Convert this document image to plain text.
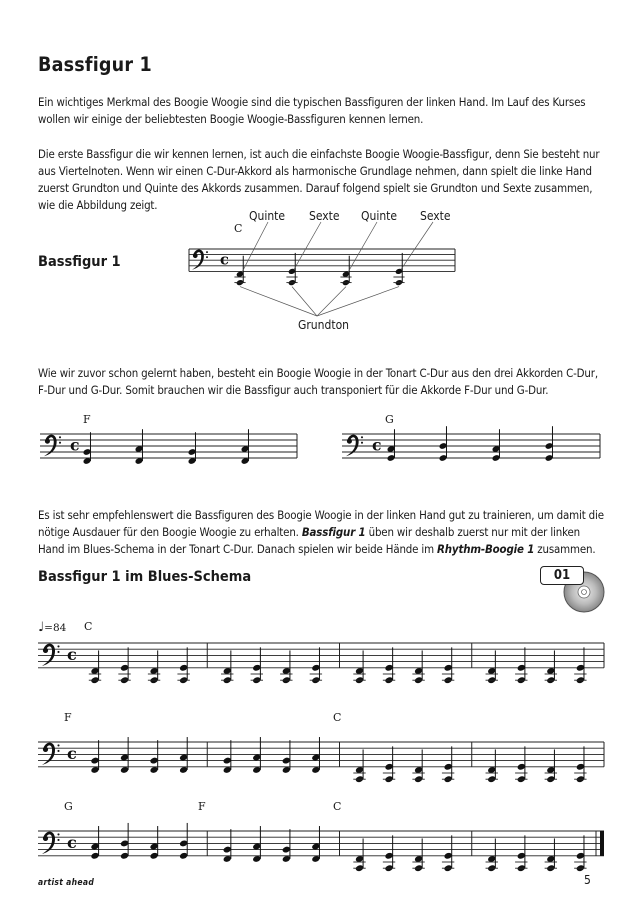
Bassfigur 1

Ein wichtiges Merkmal des Boogie Woogie sind die typischen Bassfiguren der linken Hand. Im Lauf des Kurses wollen wir einige der beliebtesten Boogie Woogie-Bassfiguren kennen lernen.

Die erste Bassfigur die wir kennen lernen, ist auch die einfachste Boogie Woogie-Bassfigur, denn Sie besteht nur aus Viertelnoten. Wenn wir einen C-Dur-Akkord als harmonische Grundlage nehmen, dann spielt die linke Hand zuerst Grundton und Quinte des Akkords zusammen. Darauf folgend spielt sie Grundton und Sexte zusammen, wie die Abbildung zeigt.

Bassfigur 1
C
Quinte Sexte Quinte Sexte
Grundton
c
c	c
c
c
c

Wie wir zuvor schon gelernt haben, besteht ein Boogie Woogie in der Tonart C-Dur aus den drei Akkorden C-Dur, F-Dur und G-Dur. Somit brauchen wir die Bassfigur auch transponiert für die Akkorde F-Dur und G-Dur.

F	G

Es ist sehr empfehlenswert die Bassfiguren des Boogie Woogie in der linken Hand gut zu trainieren, um damit die nötige Ausdauer für den Boogie Woogie zu erhalten. Bassfigur 1 üben wir deshalb zuerst nur mit der linken Hand im Blues-Schema in der Tonart C-Dur. Danach spielen wir beide Hände im Rhythm-Boogie 1 zusammen.

Bassfigur 1 im Blues-Schema	01
♩=84 C
F	C
G	F	C
artist ahead	5
